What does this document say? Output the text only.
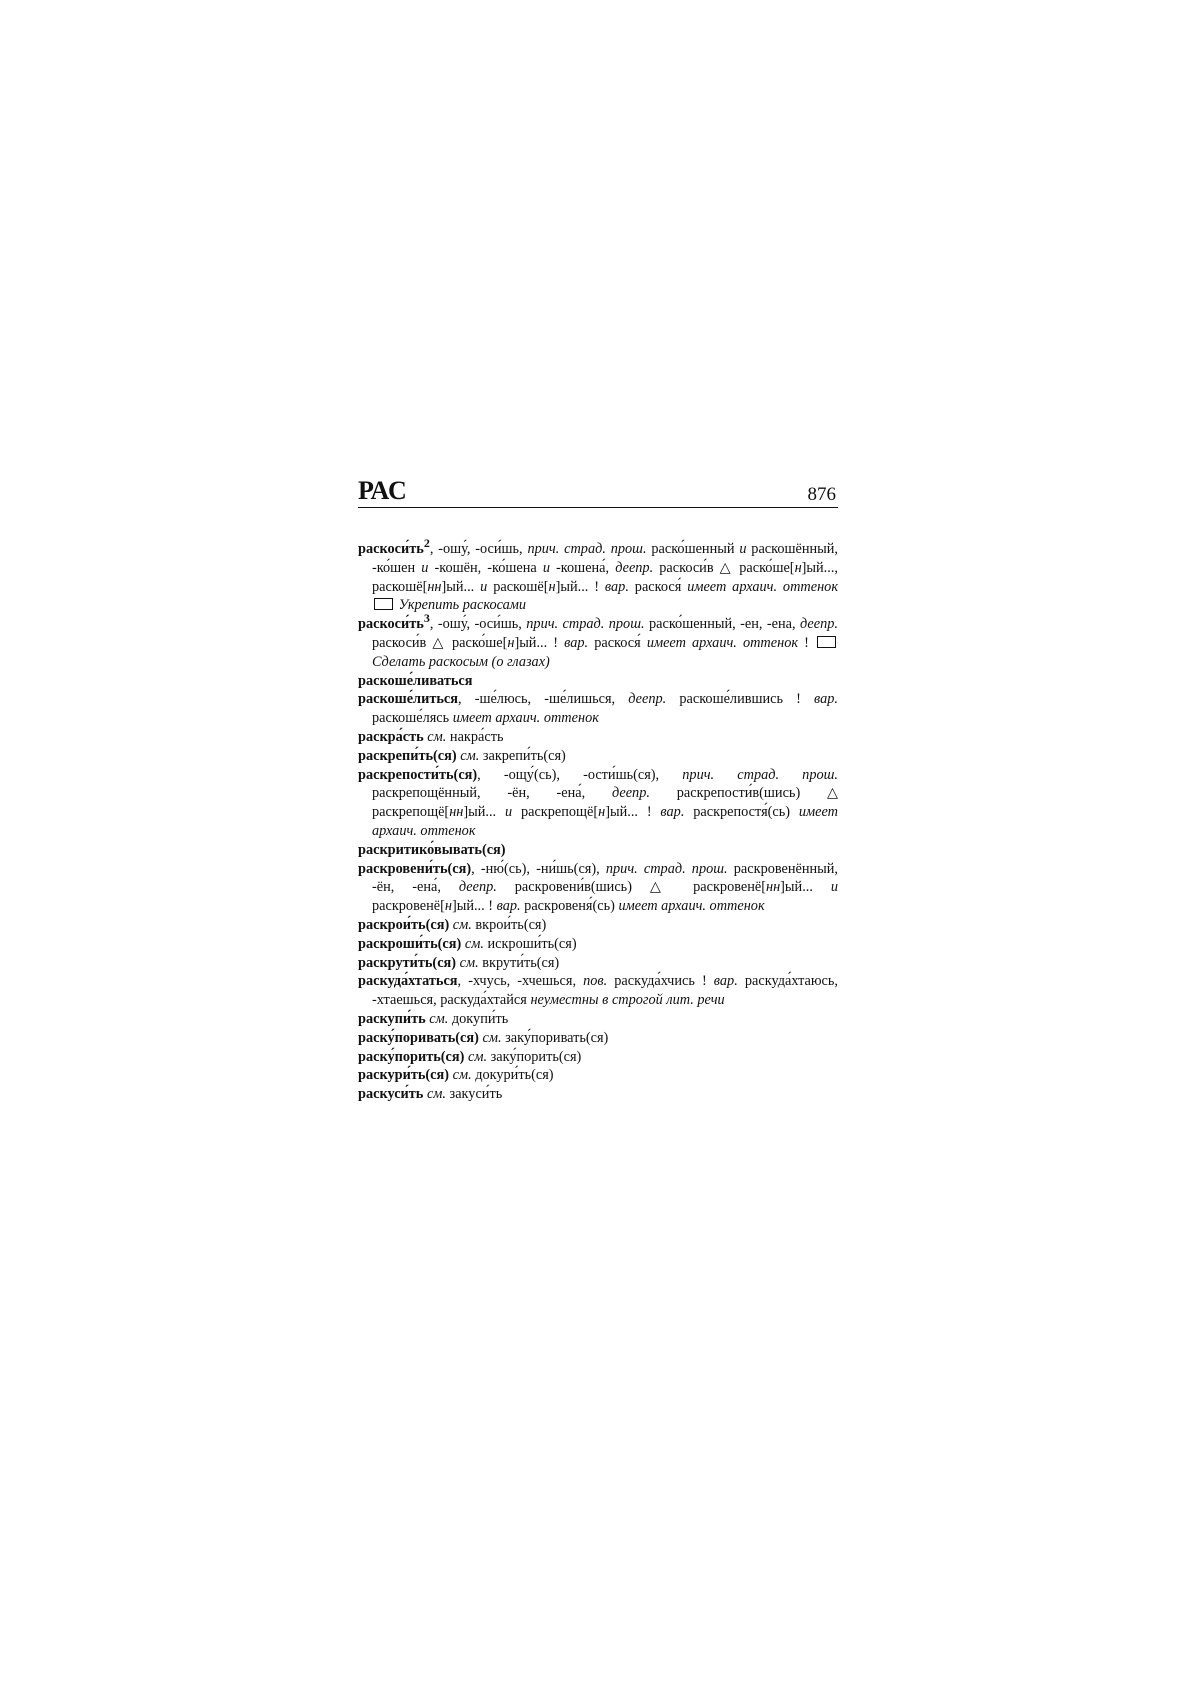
РАС	876

$раскоси́ть^2$, -ошу́, -оси́шь, прич. страд. прош. раско́шенный и раскошённый, -ко́шен и -кошён, -ко́шена и -кошена́, деепр. раскоси́в △ раско́ше[н]ый..., раскошё[нн]ый... и раскошё[н]ый... ! вар. раскося́ имеет архаич. оттенок  Укрепить раскосами

$раскоси́ть^3$, -ошу́, -оси́шь, прич. страд. прош. раско́шенный, -ен, -ена, деепр. раскоси́в △ раско́ше[н]ый... ! вар. раскося́ имеет архаич. оттенок !  Сделать раскосым (о глазах)

раскоше́ливаться

раскоше́литься, -ше́люсь, -ше́лишься, деепр. раскоше́лившись ! вар. раскоше́лясь имеет архаич. оттенок

раскра́сть см. накра́сть

раскрепи́ть(ся) см. закрепи́ть(ся)

раскрепости́ть(ся), -ощу́(сь), -ости́шь(ся), прич. страд. прош. раскрепощённый, -ён, -ена́, деепр. раскрепости́в(шись) △ раскрепощё[нн]ый... и раскрепощё[н]ый... ! вар. раскрепостя́(сь) имеет архаич. оттенок

раскритико́вывать(ся)

раскровени́ть(ся), -ню́(сь), -ни́шь(ся), прич. страд. прош. раскровенённый, -ён, -ена́, деепр. раскровени́в(шись) △ раскровенё[нн]ый... и раскровенё[н]ый... ! вар. раскровеня́(сь) имеет архаич. оттенок

раскрои́ть(ся) см. вкрои́ть(ся)

раскроши́ть(ся) см. искроши́ть(ся)

раскрути́ть(ся) см. вкрути́ть(ся)

раскуда́хтаться, -хчусь, -хчешься, пов. раскуда́хчись ! вар. раскуда́хтаюсь, -хтаешься, раскуда́хтайся неуместны в строгой лит. речи

раскупи́ть см. докупи́ть

раску́поривать(ся) см. заку́поривать(ся)

раску́порить(ся) см. заку́порить(ся)

раскури́ть(ся) см. докури́ть(ся)

раскуси́ть см. закуси́ть
